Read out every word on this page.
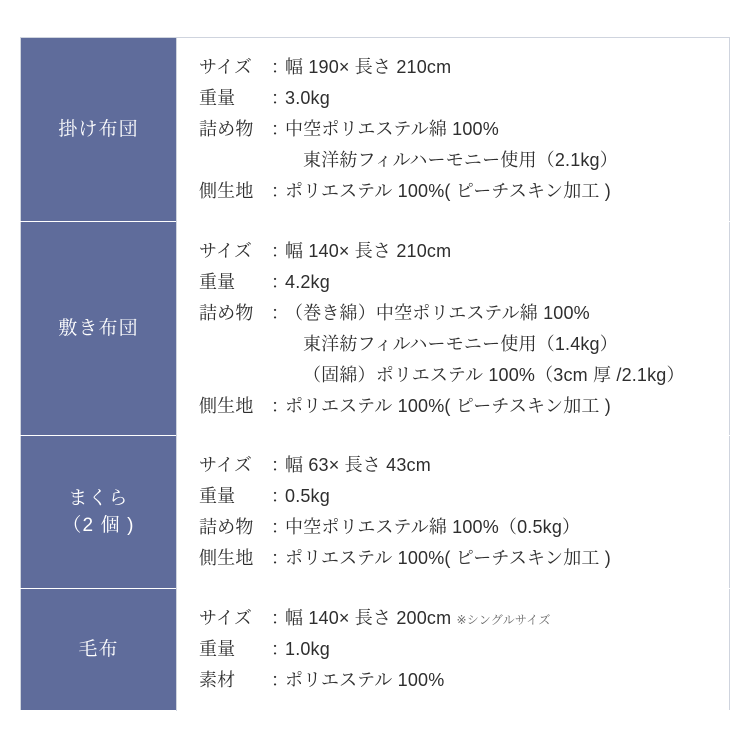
掛け布団	
サイズ ：	幅 190× 長さ 210cm
重量 ：	3.0kg
詰め物 ：	中空ポリエステル綿 100%
東洋紡フィルハーモニー使用（2.1kg）
側生地 ：	ポリエステル 100%( ピーチスキン加工 )

敷き布団	
サイズ ：	幅 140× 長さ 210cm
重量 ：	4.2kg
詰め物 ：	（巻き綿）中空ポリエステル綿 100%
東洋紡フィルハーモニー使用（1.4kg）
（固綿）ポリエステル 100%（3cm 厚 /2.1kg）
側生地 ：	ポリエステル 100%( ピーチスキン加工 )

まくら
（2 個 )

サイズ ：	幅 63× 長さ 43cm
重量 ：	0.5kg
詰め物 ：	中空ポリエステル綿 100%（0.5kg）
側生地 ：	ポリエステル 100%( ピーチスキン加工 )

毛布	
サイズ ：	幅 140× 長さ 200cm ※シングルサイズ
重量 ：	1.0kg
素材 ：	ポリエステル 100%
